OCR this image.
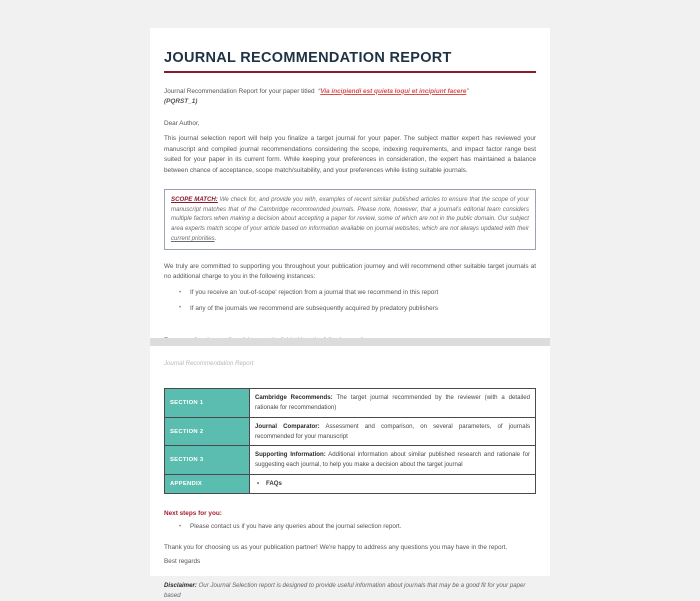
JOURNAL RECOMMENDATION REPORT
Journal Recommendation Report for your paper titled  “Via incipiendi est quieta loqui et incipiunt facere”
(PQRST_1)
Dear Author,
This journal selection report will help you finalize a target journal for your paper. The subject matter expert has reviewed your manuscript and compiled journal recommendations considering the scope, indexing requirements, and impact factor range best suited for your paper in its current form. While keeping your preferences in consideration, the expert has maintained a balance between chance of acceptance, scope match/suitability, and your preferences while listing suitable journals.
SCOPE MATCH: We check for, and provide you with, examples of recent similar published articles to ensure that the scope of your manuscript matches that of the Cambridge recommended journals. Please note, however, that a journal's editorial team considers multiple factors when making a decision about accepting a paper for review, some of which are not in the public domain. Our subject area experts match scope of your article based on information available on journal websites, which are not always updated with their current priorities.
We truly are committed to supporting you throughout your publication journey and will recommend other suitable target journals at no additional charge to you in the following instances:
• If you receive an 'out-of-scope' rejection from a journal that we recommend in this report
• If any of the journals we recommend are subsequently acquired by predatory publishers
Journal Recommendation Report
SECTION 1	Cambridge Recommends: The target journal recommended by the reviewer (with a detailed rationale for recommendation)
SECTION 2	Journal Comparator: Assessment and comparison, on several parameters, of journals recommended for your manuscript
SECTION 3	Supporting Information: Additional information about similar published research and rationale for suggesting each journal, to help you make a decision about the target journal
APPENDIX	• FAQs
Next steps for you:
• Please contact us if you have any queries about the journal selection report.
Thank you for choosing us as your publication partner! We're happy to address any questions you may have in the report.
Best regards
Disclaimer: Our Journal Selection report is designed to provide useful information about journals that may be a good fit for your paper based
